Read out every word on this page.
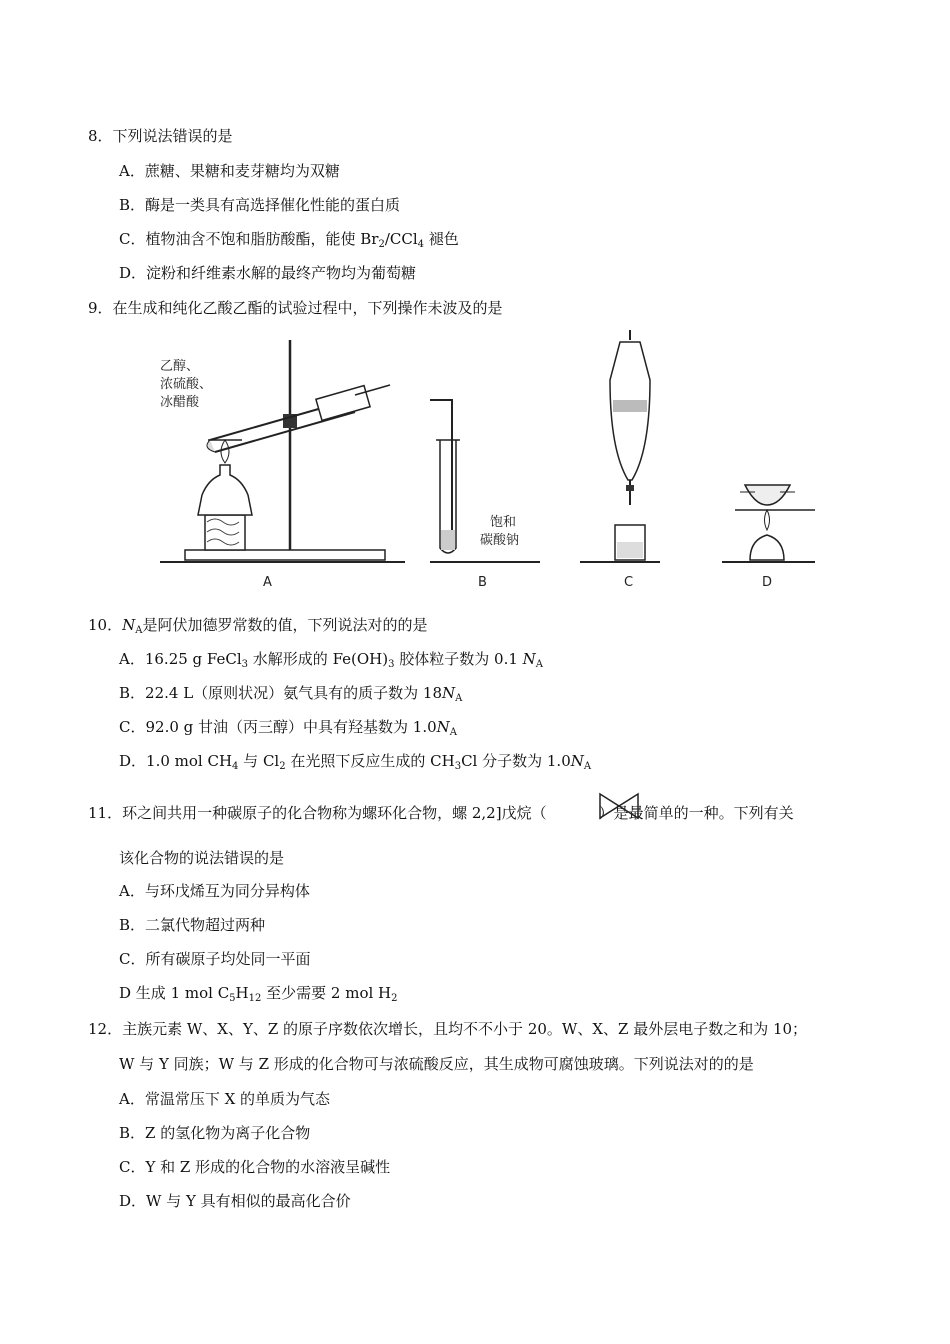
8．下列说法错误的是
A．蔗糖、果糖和麦芽糖均为双糖
B．酶是一类具有高选择催化性能的蛋白质
C．植物油含不饱和脂肪酸酯，能使 $Br_2/CCl_4$ 褪色
D．淀粉和纤维素水解的最终产物均为葡萄糖
9．在生成和纯化乙酸乙酯的试验过程中，下列操作未波及的是
乙醇、
浓硫酸、
冰醋酸
饱和
碳酸钠
A	B	C	D
10．$N_A$是阿伏加德罗常数的值，下列说法对的的是
A．16.25 g FeCl$_3$ 水解形成的 $Fe(OH)_3$ 胶体粒子数为 0.1 $N_A$
B．22.4 L（原则状况）氨气具有的质子数为 $18N_A$
C．92.0 g 甘油（丙三醇）中具有羟基数为 $1.0N_A$
D．1.0 mol $CH_4$ 与 $Cl_2$ 在光照下反应生成的 $CH_3Cl$ 分子数为 $1.0N_A$
11．环之间共用一种碳原子的化合物称为螺环化合物，螺 2,2]戊烷（	）是最简单的一种。下列有关
该化合物的说法错误的是
A．与环戊烯互为同分异构体
B．二氯代物超过两种
C．所有碳原子均处同一平面
D 生成 1 mol $C_5H_{12}$ 至少需要 2 mol $H_2$
12．主族元素 W、X、Y、Z 的原子序数依次增长，且均不不小于 20。W、X、Z 最外层电子数之和为 10；
W 与 Y 同族；W 与 Z 形成的化合物可与浓硫酸反应，其生成物可腐蚀玻璃。下列说法对的的是
A．常温常压下 X 的单质为气态
B．Z 的氢化物为离子化合物
C．Y 和 Z 形成的化合物的水溶液呈碱性
D．W 与 Y 具有相似的最高化合价
